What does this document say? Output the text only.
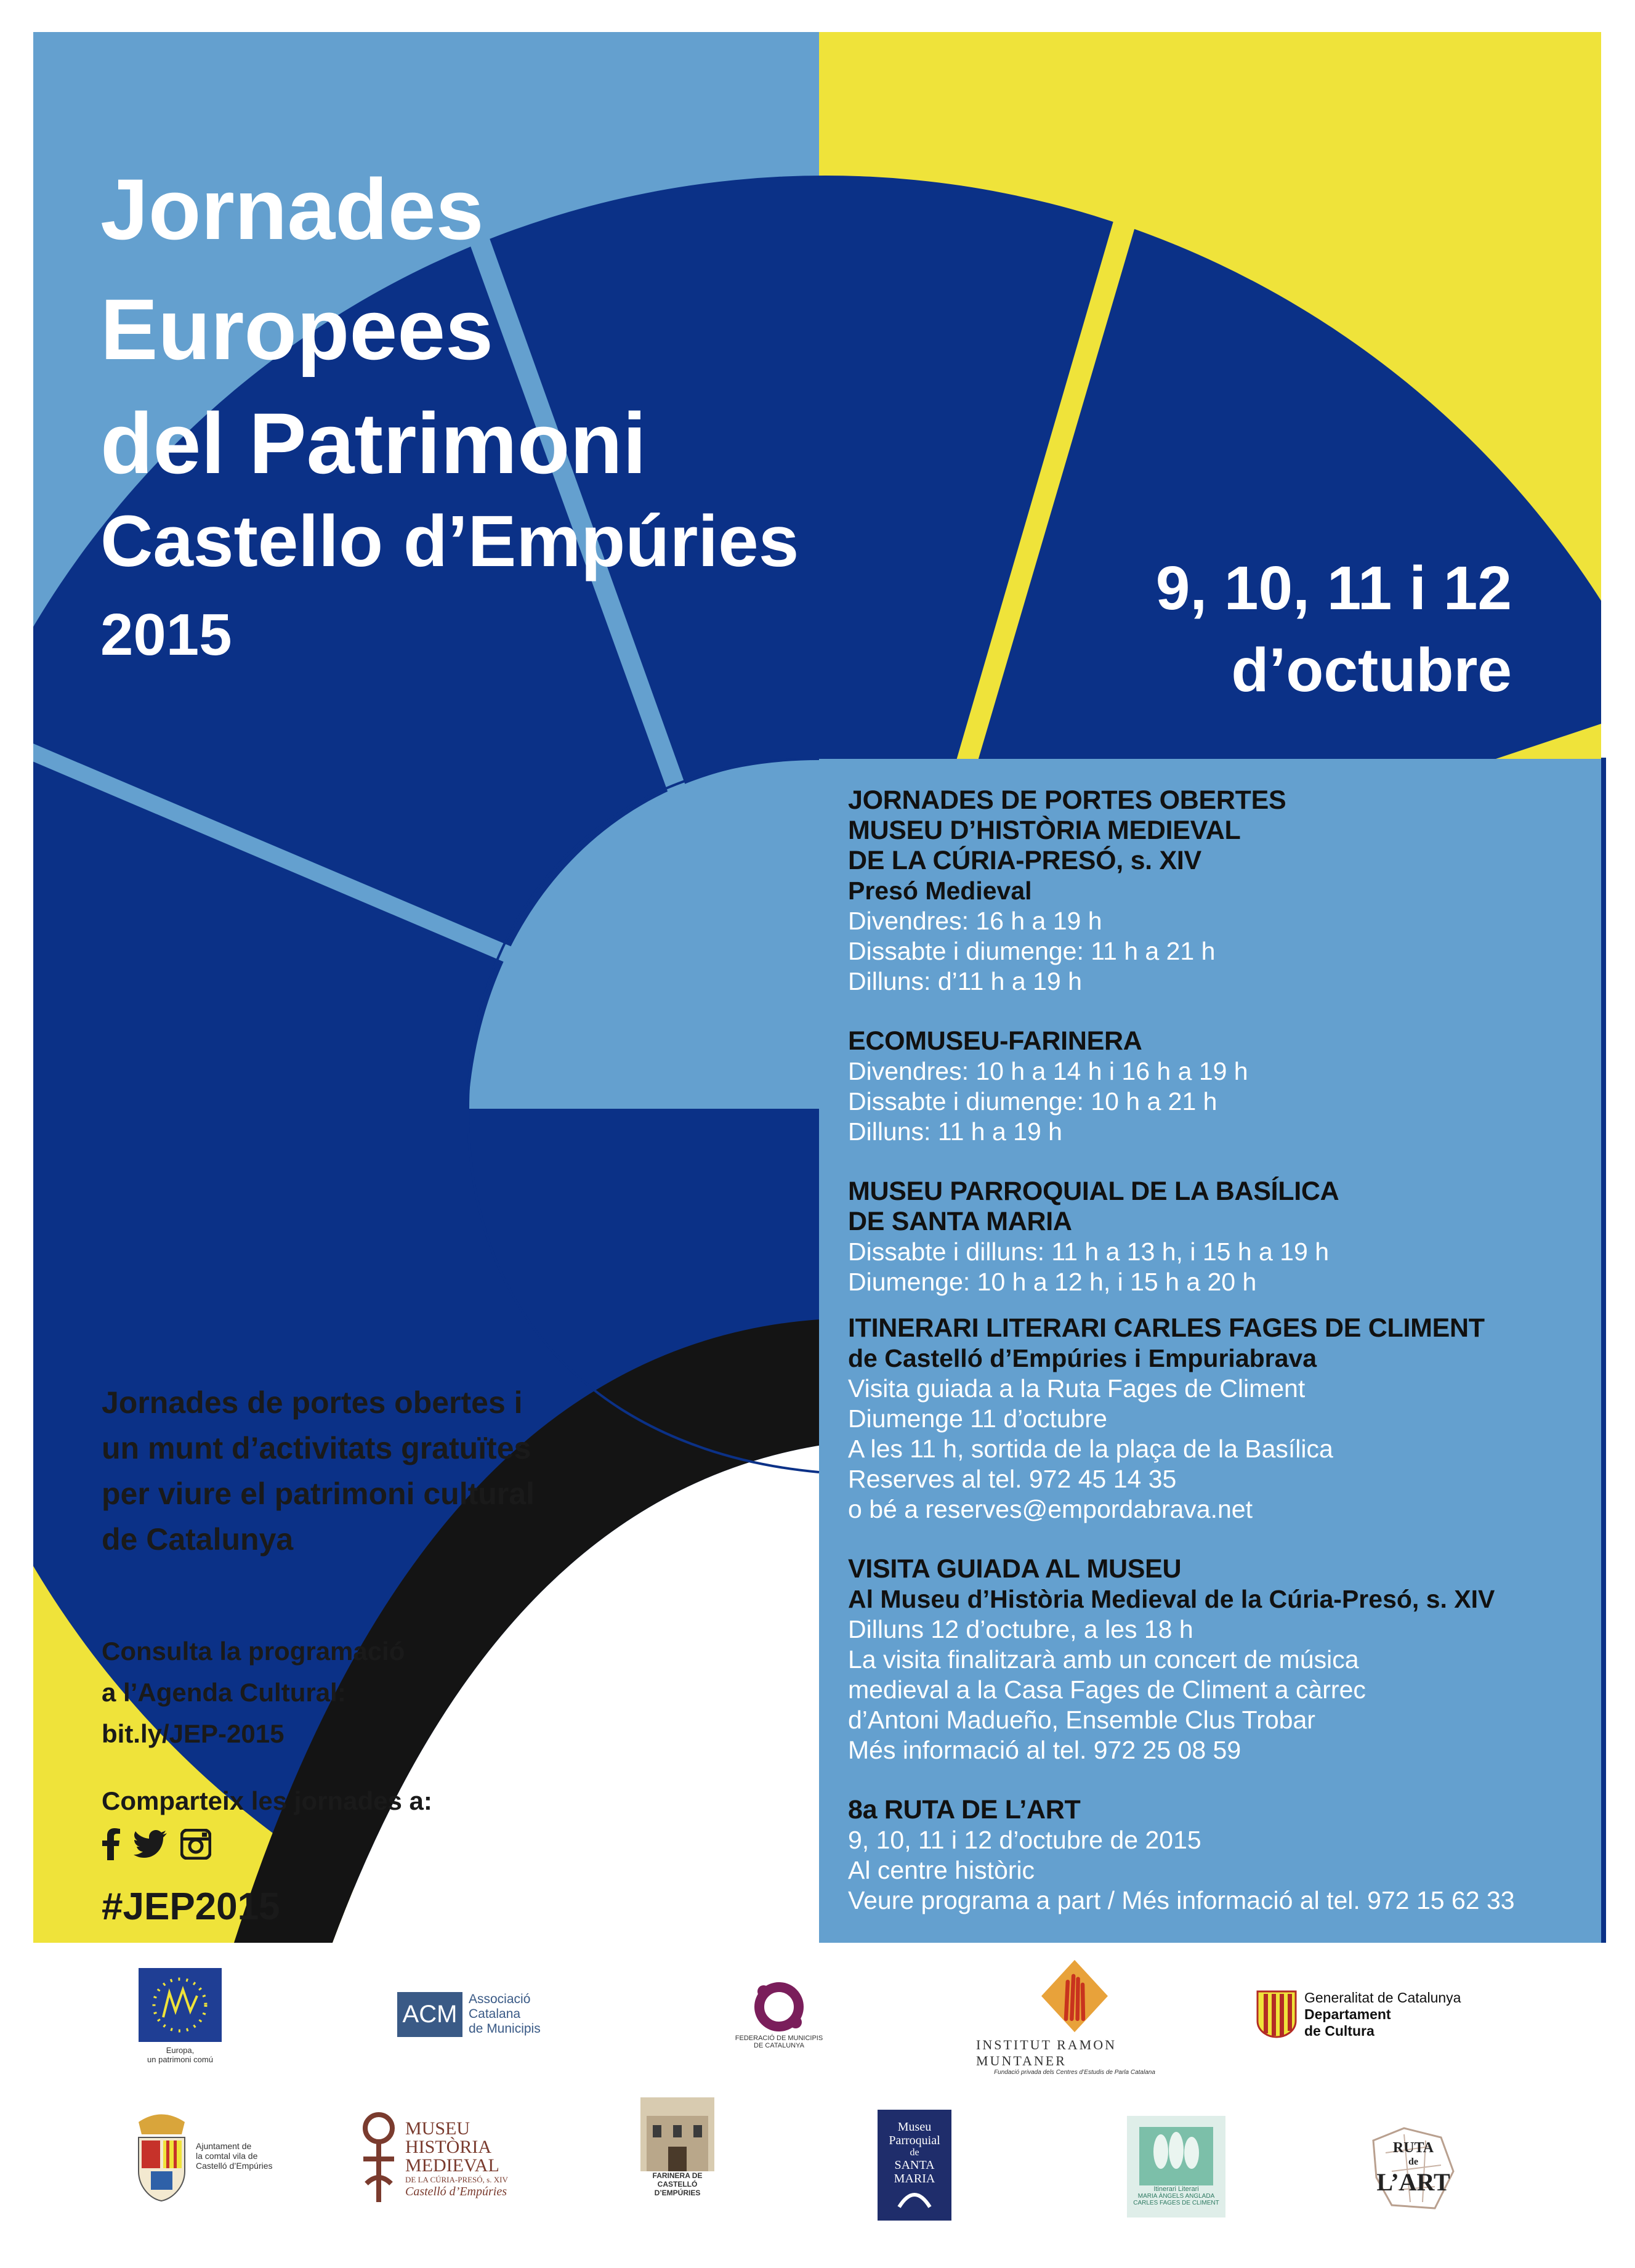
Jornades
Europees
del Patrimoni
Castello d’Empúries
2015
9, 10, 11 i 12
d’octubre
JORNADES DE PORTES OBERTES
MUSEU D’HISTÒRIA MEDIEVAL
DE LA CÚRIA-PRESÓ, s. XIV
Presó Medieval
Divendres: 16 h a 19 h
Dissabte i diumenge: 11 h a 21 h
Dilluns: d’11 h a 19 h
ECOMUSEU-FARINERA
Divendres: 10 h a 14 h i 16 h a 19 h
Dissabte i diumenge: 10 h a 21 h
Dilluns: 11 h a 19 h
MUSEU PARROQUIAL DE LA BASÍLICA
DE SANTA MARIA
Dissabte i dilluns: 11 h a 13 h, i 15 h a 19 h
Diumenge: 10 h a 12 h, i 15 h a 20 h
ITINERARI LITERARI CARLES FAGES DE CLIMENT
de Castelló d’Empúries i Empuriabrava
Visita guiada a la Ruta Fages de Climent
Diumenge 11 d’octubre
A les 11 h, sortida de la plaça de la Basílica
Reserves al tel. 972 45 14 35
o bé a reserves@empordabrava.net
VISITA GUIADA AL MUSEU
Al Museu d’Història Medieval de la Cúria-Presó, s. XIV
Dilluns 12 d’octubre, a les 18 h
La visita finalitzarà amb un concert de música
medieval a la Casa Fages de Climent a càrrec
d’Antoni Madueño, Ensemble Clus Trobar
Més informació al tel. 972 25 08 59
8a RUTA DE L’ART
9, 10, 11 i 12 d’octubre de 2015
Al centre històric
Veure programa a part / Més informació al tel. 972 15 62 33
Jornades de portes obertes i
un munt d’activitats gratuïtes
per viure el patrimoni cultural
de Catalunya
Consulta la programació
a l’Agenda Cultural:
bit.ly/JEP-2015
Comparteix les jornades a:
#JEP2015
Europa,
un patrimoni comú
ACM
Associació
Catalana
de Municipis
FEDERACIÓ DE MUNICIPIS
DE CATALUNYA	INSTITUT RAMON MUNTANER
Fundació privada dels Centres d’Estudis de Parla Catalana
Generalitat de Catalunya
Departament
de Cultura
Ajuntament de
la comtal vila de
Castelló d’Empúries
MUSEU
HISTÒRIA
MEDIEVAL
DE LA CÚRIA-PRESÓ, s. XIV
Castelló d’Empúries
FARINERA DE
CASTELLÓ
D’EMPÚRIES
Museu
Parroquial
de
SANTA
MARIA
Itinerari Literari
MARIA ÀNGELS ANGLADA
CARLES FAGES DE CLIMENT
RUTA
de
L’ART
